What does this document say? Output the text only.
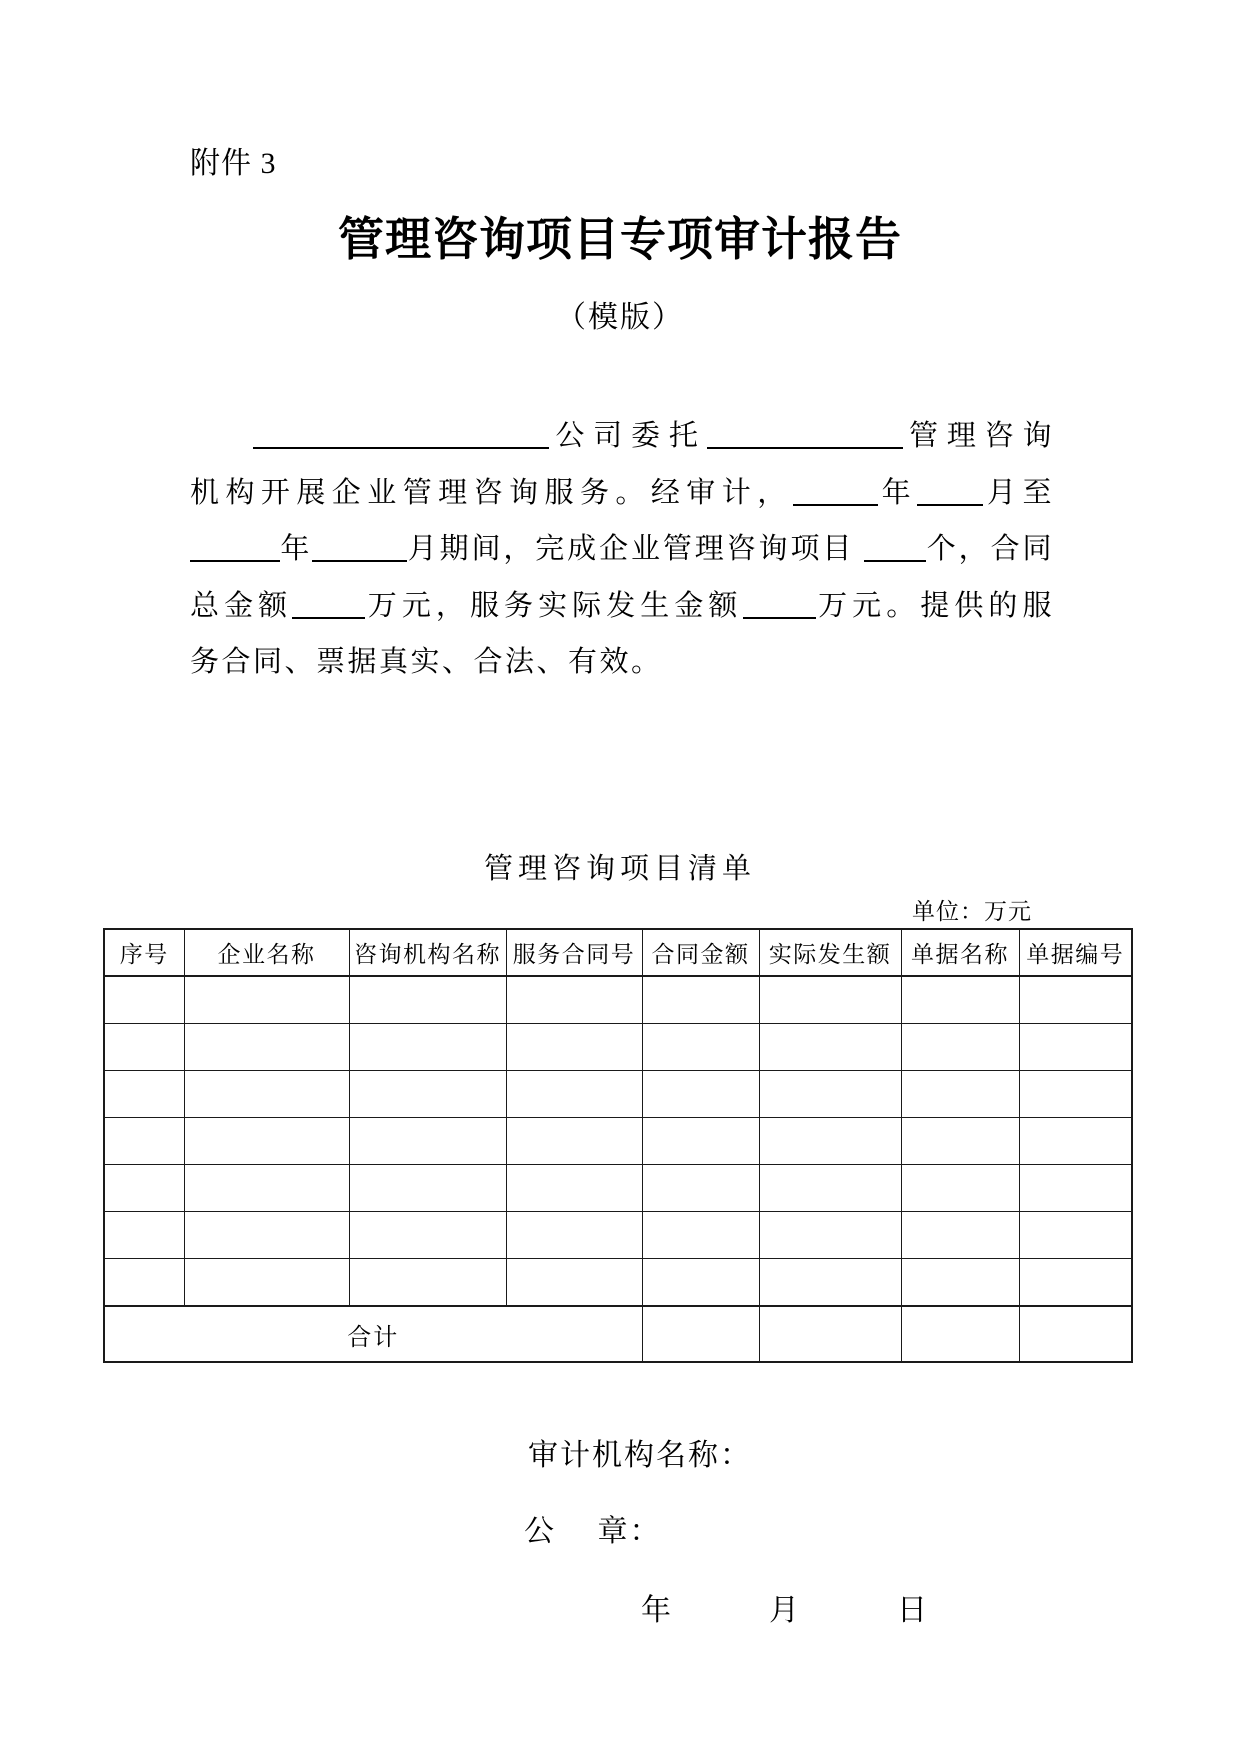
附件 3
管理咨询项目专项审计报告
（模版）
公司委托	管理咨询
机构开展企业管理咨询服务。经审计，	年 月至
年	月期间，完成企业管理咨询项目 个，合同
总金额	万元，服务实际发生金额	万元。提供的服
务合同、票据真实、合法、有效。
管理咨询项目清单
单位：万元
序号	企业名称	咨询机构名称	服务合同号	合同金额	实际发生额	单据名称	单据编号

合计							
审计机构名称：
公　 章：
年　　　月　　　日
